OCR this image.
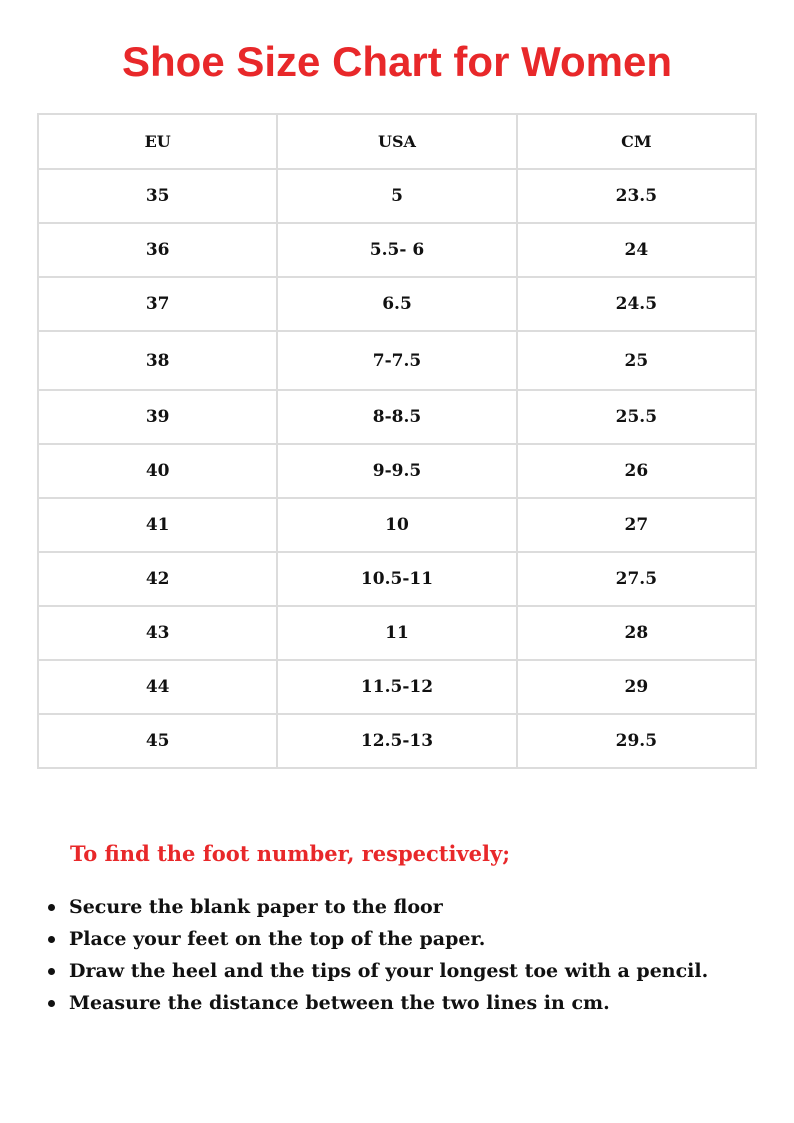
Shoe Size Chart for Women
EU	USA	CM
35	5	23.5
36	5.5- 6	24
37	6.5	24.5
38	7-7.5	25
39	8-8.5	25.5
40	9-9.5	26
41	10	27
42	10.5-11	27.5
43	11	28
44	11.5-12	29
45	12.5-13	29.5
To find the foot number, respectively;
Secure the blank paper to the floor
Place your feet on the top of the paper.
Draw the heel and the tips of your longest toe with a pencil.
Measure the distance between the two lines in cm.
